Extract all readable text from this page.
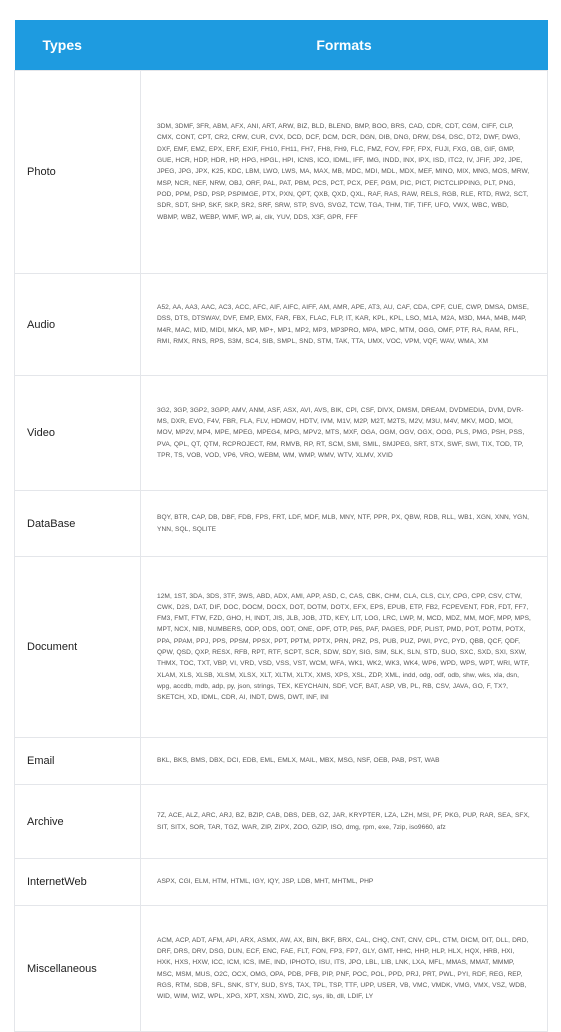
Types	Formats
Photo	3DM, 3DMF, 3FR, ABM, AFX, ANI, ART, ARW, BIZ, BLD, BLEND, BMP, BOO, BRS, CAD, CDR, CDT, CGM, CIFF, CLP, CMX, CONT, CPT, CR2, CRW, CUR, CVX, DCD, DCF, DCM, DCR, DGN, DIB, DNG, DRW, DS4, DSC, DT2, DWF, DWG, DXF, EMF, EMZ, EPX, ERF, EXIF, FH10, FH11, FH7, FH8, FH9, FLC, FMZ, FOV, FPF, FPX, FUJI, FXG, GB, GIF, GMP, GUE, HCR, HDP, HDR, HP, HPG, HPGL, HPI, ICNS, ICO, IDML, IFF, IMG, INDD, INX, IPX, ISD, ITC2, IV, JFIF, JP2, JPE, JPEG, JPG, JPX, K25, KDC, LBM, LWO, LWS, MA, MAX, MB, MDC, MDI, MDL, MDX, MEF, MINO, MIX, MNG, MOS, MRW, MSP, NCR, NEF, NRW, OBJ, ORF, PAL, PAT, PBM, PCS, PCT, PCX, PEF, PGM, PIC, PICT, PICTCLIPPING, PLT, PNG, POD, PPM, PSD, PSP, PSPIMGE, PTX, PXN, QPT, QXB, QXD, QXL, RAF, RAS, RAW, RELS, RGB, RLE, RTD, RW2, SCT, SDR, SDT, SHP, SKF, SKP, SR2, SRF, SRW, STP, SVG, SVGZ, TCW, TGA, THM, TIF, TIFF, UFO, VWX, WBC, WBD, WBMP, WBZ, WEBP, WMF, WP, ai, clk, YUV, DDS, X3F, GPR, FFF
Audio	A52, AA, AA3, AAC, AC3, ACC, AFC, AIF, AIFC, AIFF, AM, AMR, APE, AT3, AU, CAF, CDA, CPF, CUE, CWP, DMSA, DMSE, DSS, DTS, DTSWAV, DVF, EMP, EMX, FAR, FBX, FLAC, FLP, IT, KAR, KPL, KPL, LSO, M1A, M2A, M3D, M4A, M4B, M4P, M4R, MAC, MID, MIDI, MKA, MP, MP+, MP1, MP2, MP3, MP3PRO, MPA, MPC, MTM, OGG, OMF, PTF, RA, RAM, RFL, RMI, RMX, RNS, RPS, S3M, SC4, SIB, SMPL, SND, STM, TAK, TTA, UMX, VOC, VPM, VQF, WAV, WMA, XM
Video	3G2, 3GP, 3GP2, 3GPP, AMV, ANM, ASF, ASX, AVI, AVS, BIK, CPI, CSF, DIVX, DMSM, DREAM, DVDMEDIA, DVM, DVR-MS, DXR, EVO, F4V, FBR, FLA, FLV, HDMOV, HDTV, IVM, M1V, M2P, M2T, M2TS, M2V, M3U, M4V, MKV, MOD, MOI, MOV, MP2V, MP4, MPE, MPEG, MPEG4, MPG, MPV2, MTS, MXF, OGA, OGM, OGV, OGX, OOG, PLS, PMG, PSH, PSS, PVA, QPL, QT, QTM, RCPROJECT, RM, RMVB, RP, RT, SCM, SMI, SMIL, SMJPEG, SRT, STX, SWF, SWI, TIX, TOD, TP, TPR, TS, VOB, VOD, VP6, VRO, WEBM, WM, WMP, WMV, WTV, XLMV, XVID
DataBase	BQY, BTR, CAP, DB, DBF, FDB, FPS, FRT, LDF, MDF, MLB, MNY, NTF, PPR, PX, QBW, RDB, RLL, WB1, XGN, XNN, YGN, YNN, SQL, SQLITE
Document	12M, 1ST, 3DA, 3DS, 3TF, 3WS, ABD, ADX, AMI, APP, ASD, C, CAS, CBK, CHM, CLA, CLS, CLY, CPG, CPP, CSV, CTW, CWK, D2S, DAT, DIF, DOC, DOCM, DOCX, DOT, DOTM, DOTX, EFX, EPS, EPUB, ETP, FB2, FCPEVENT, FDR, FDT, FF7, FM3, FMT, FTW, FZD, GHO, H, INDT, JIS, JLB, JOB, JTD, KEY, LIT, LOG, LRC, LWP, M, MCD, MDZ, MM, MOF, MPP, MPS, MPT, NCX, NIB, NUMBERS, ODP, ODS, ODT, ONE, OPF, OTP, P65, PAF, PAGES, PDF, PLIST, PMD, POT, POTM, POTX, PPA, PPAM, PPJ, PPS, PPSM, PPSX, PPT, PPTM, PPTX, PRN, PRZ, PS, PUB, PUZ, PWI, PYC, PYD, QBB, QCF, QDF, QPW, QSD, QXP, RESX, RFB, RPT, RTF, SCPT, SCR, SDW, SDY, SIG, SIM, SLK, SLN, STD, SUO, SXC, SXD, SXI, SXW, THMX, TOC, TXT, VBP, VI, VRD, VSD, VSS, VST, WCM, WFA, WK1, WK2, WK3, WK4, WP6, WPD, WPS, WPT, WRI, WTF, XLAM, XLS, XLSB, XLSM, XLSX, XLT, XLTM, XLTX, XMS, XPS, XSL, ZDP, XML, indd, odg, odf, odb, shw, wks, xla, dsn, wpg, accdb, mdb, adp, py, json, strings, TEX, KEYCHAIN, SDF, VCF, BAT, ASP, VB, PL, RB, CSV, JAVA, GO, F, TX?, SKETCH, XD, IDML, CDR, AI, INDT, DWS, DWT, INF, INI
Email	BKL, BKS, BMS, DBX, DCI, EDB, EML, EMLX, MAIL, MBX, MSG, NSF, OEB, PAB, PST, WAB
Archive	7Z, ACE, ALZ, ARC, ARJ, BZ, BZIP, CAB, DBS, DEB, GZ, JAR, KRYPTER, LZA, LZH, MSI, PF, PKG, PUP, RAR, SEA, SFX, SIT, SITX, SOR, TAR, TGZ, WAR, ZIP, ZIPX, ZOO, GZIP, ISO, dmg, rpm, exe, 7zip, iso9660, afz
InternetWeb	ASPX, CGI, ELM, HTM, HTML, IGY, IQY, JSP, LDB, MHT, MHTML, PHP
Miscellaneous	ACM, ACP, ADT, AFM, API, ARX, ASMX, AW, AX, BIN, BKF, BRX, CAL, CHQ, CNT, CNV, CPL, CTM, DICM, DIT, DLL, DRD, DRF, DRS, DRV, DSG, DUN, ECF, ENC, FAE, FLT, FON, FP3, FP7, GLY, GMT, HHC, HHP, HLP, HLX, HQX, HRB, HXI, HXK, HXS, HXW, ICC, ICM, ICS, IME, IND, IPHOTO, ISU, ITS, JPO, LBL, LIB, LNK, LXA, MFL, MMAS, MMAT, MMMP, MSC, MSM, MUS, O2C, OCX, OMG, OPA, PDB, PFB, PIP, PNF, POC, POL, PPD, PRJ, PRT, PWL, PYI, RDF, REG, REP, RGS, RTM, SDB, SFL, SNK, STY, SUD, SYS, TAX, TPL, TSP, TTF, UPP, USER, VB, VMC, VMDK, VMG, VMX, VSZ, WDB, WID, WIM, WIZ, WPL, XPG, XPT, XSN, XWD, ZIC, sys, lib, dll, LDIF, LY
